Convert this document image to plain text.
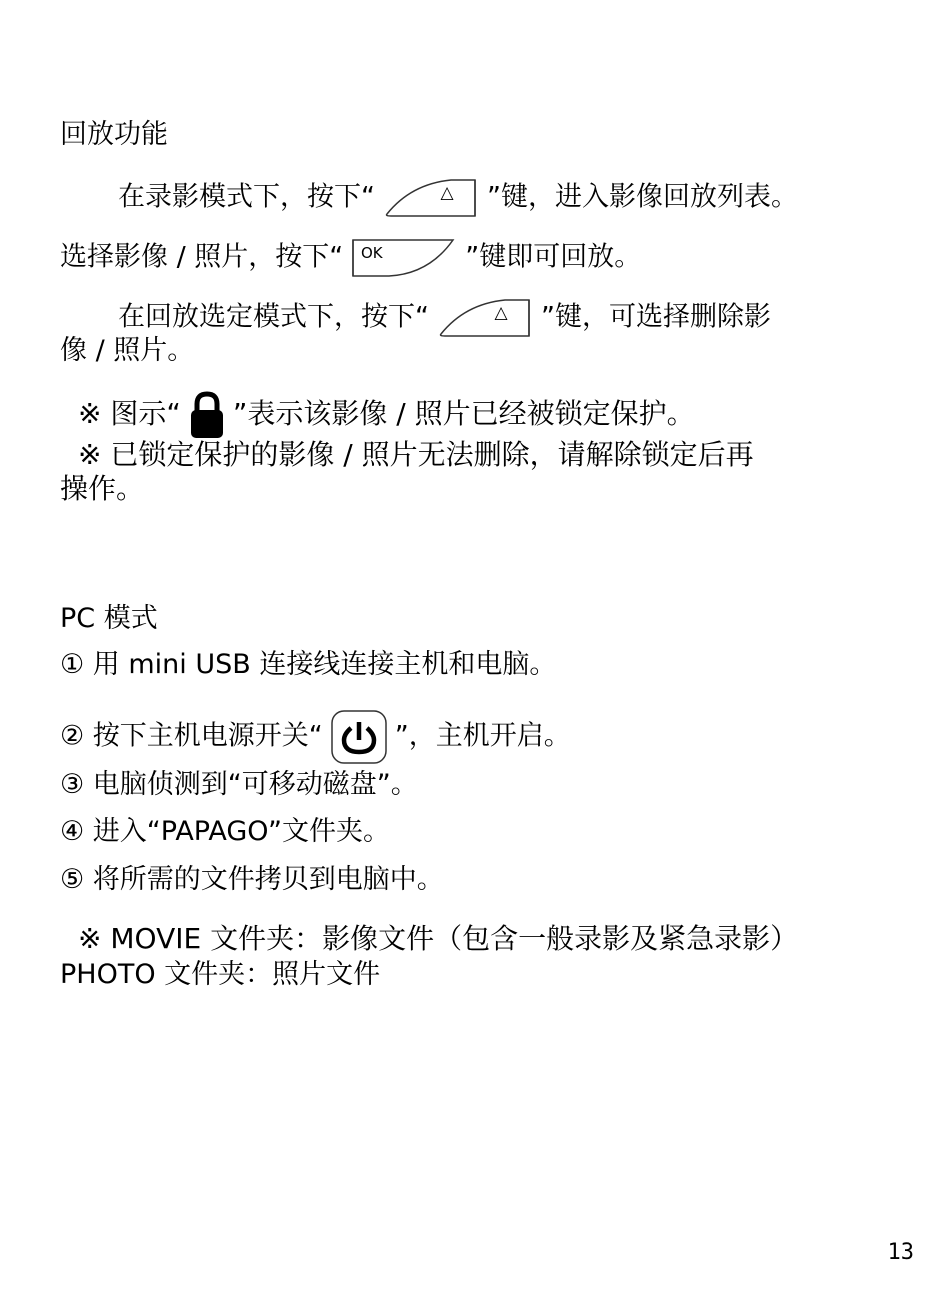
回放功能
在录影模式下，按下“	△ ”键，进入影像回放列表。
选择影像 / 照片，按下“ OK	”键即可回放。
在回放选定模式下，按下“	△ ”键，可选择删除影
像 / 照片。
※ 图示“ ”表示该影像 / 照片已经被锁定保护。
※ 已锁定保护的影像 / 照片无法删除，请解除锁定后再
操作。
PC 模式
① 用 mini USB 连接线连接主机和电脑。
② 按下主机电源开关“	”，主机开启。
③ 电脑侦测到“可移动磁盘”。
④ 进入“PAPAGO”文件夹。
⑤ 将所需的文件拷贝到电脑中。
※ MOVIE 文件夹：影像文件（包含一般录影及紧急录影）
PHOTO 文件夹：照片文件
13
